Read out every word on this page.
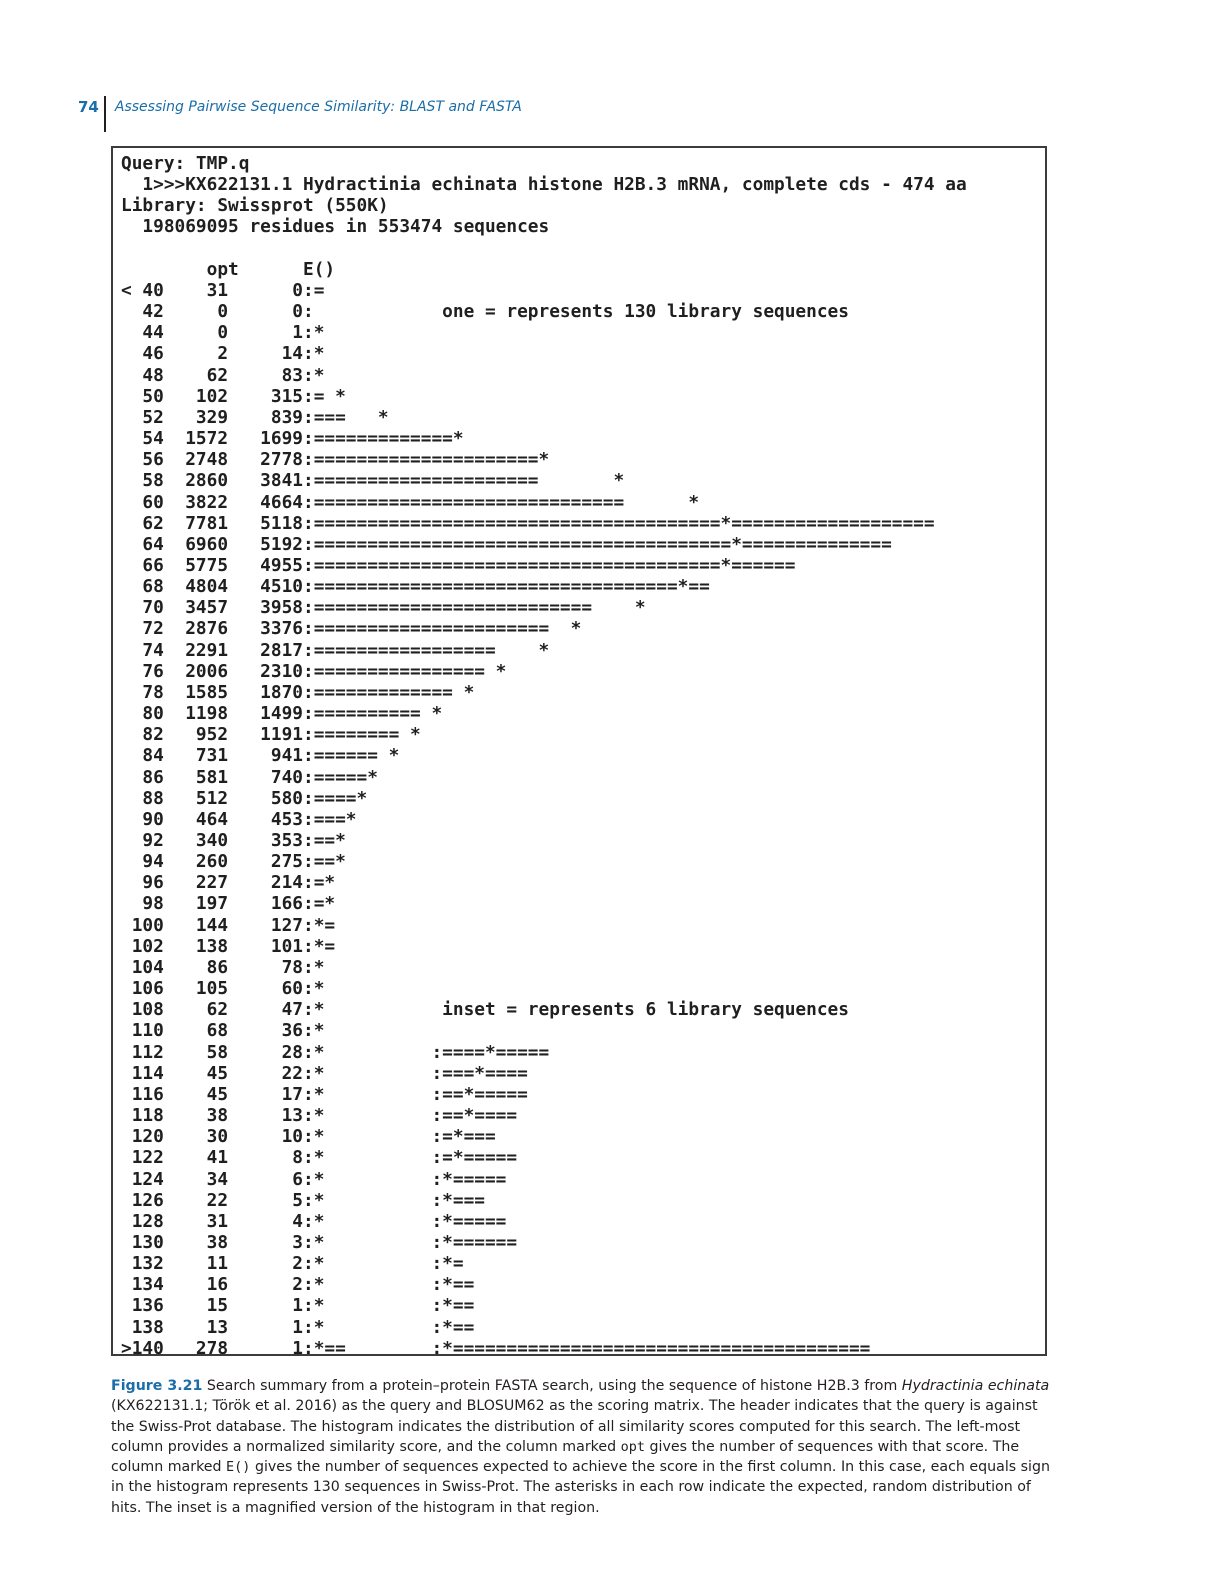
74 Assessing Pairwise Sequence Similarity: BLAST and FASTA
Query: TMP.q
1>>>KX622131.1 Hydractinia echinata histone H2B.3 mRNA, complete cds - 474 aa
Library: Swissprot (550K)
198069095 residues in 553474 sequences

opt      E()
< 40    31      0:=
42     0      0:            one = represents 130 library sequences
44     0      1:*
46     2     14:*
48    62     83:*
50   102    315:= *
52   329    839:===   *
54  1572   1699:=============*
56  2748   2778:=====================*
58  2860   3841:=====================       *
60  3822   4664:=============================      *
62  7781   5118:======================================*===================
64  6960   5192:=======================================*==============
66  5775   4955:======================================*======
68  4804   4510:==================================*==
70  3457   3958:==========================    *
72  2876   3376:======================  *
74  2291   2817:=================    *
76  2006   2310:================ *
78  1585   1870:============= *
80  1198   1499:========== *
82   952   1191:======== *
84   731    941:====== *
86   581    740:=====*
88   512    580:====*
90   464    453:===*
92   340    353:==*
94   260    275:==*
96   227    214:=*
98   197    166:=*
100   144    127:*=
102   138    101:*=
104    86     78:*
106   105     60:*
108    62     47:*           inset = represents 6 library sequences
110    68     36:*
112    58     28:*          :====*=====
114    45     22:*          :===*====
116    45     17:*          :==*=====
118    38     13:*          :==*====
120    30     10:*          :=*===
122    41      8:*          :=*=====
124    34      6:*          :*=====
126    22      5:*          :*===
128    31      4:*          :*=====
130    38      3:*          :*======
132    11      2:*          :*=
134    16      2:*          :*==
136    15      1:*          :*==
138    13      1:*          :*==
>140   278      1:*==        :*=======================================

Figure 3.21 Search summary from a protein–protein FASTA search, using the sequence of histone H2B.3 from Hydractinia echinata (KX622131.1; Török et al. 2016) as the query and BLOSUM62 as the scoring matrix. The header indicates that the query is against the Swiss-Prot database. The histogram indicates the distribution of all similarity scores computed for this search. The left-most column provides a normalized similarity score, and the column marked opt gives the number of sequences with that score. The column marked E() gives the number of sequences expected to achieve the score in the first column. In this case, each equals sign in the histogram represents 130 sequences in Swiss-Prot. The asterisks in each row indicate the expected, random distribution of hits. The inset is a magnified version of the histogram in that region.
